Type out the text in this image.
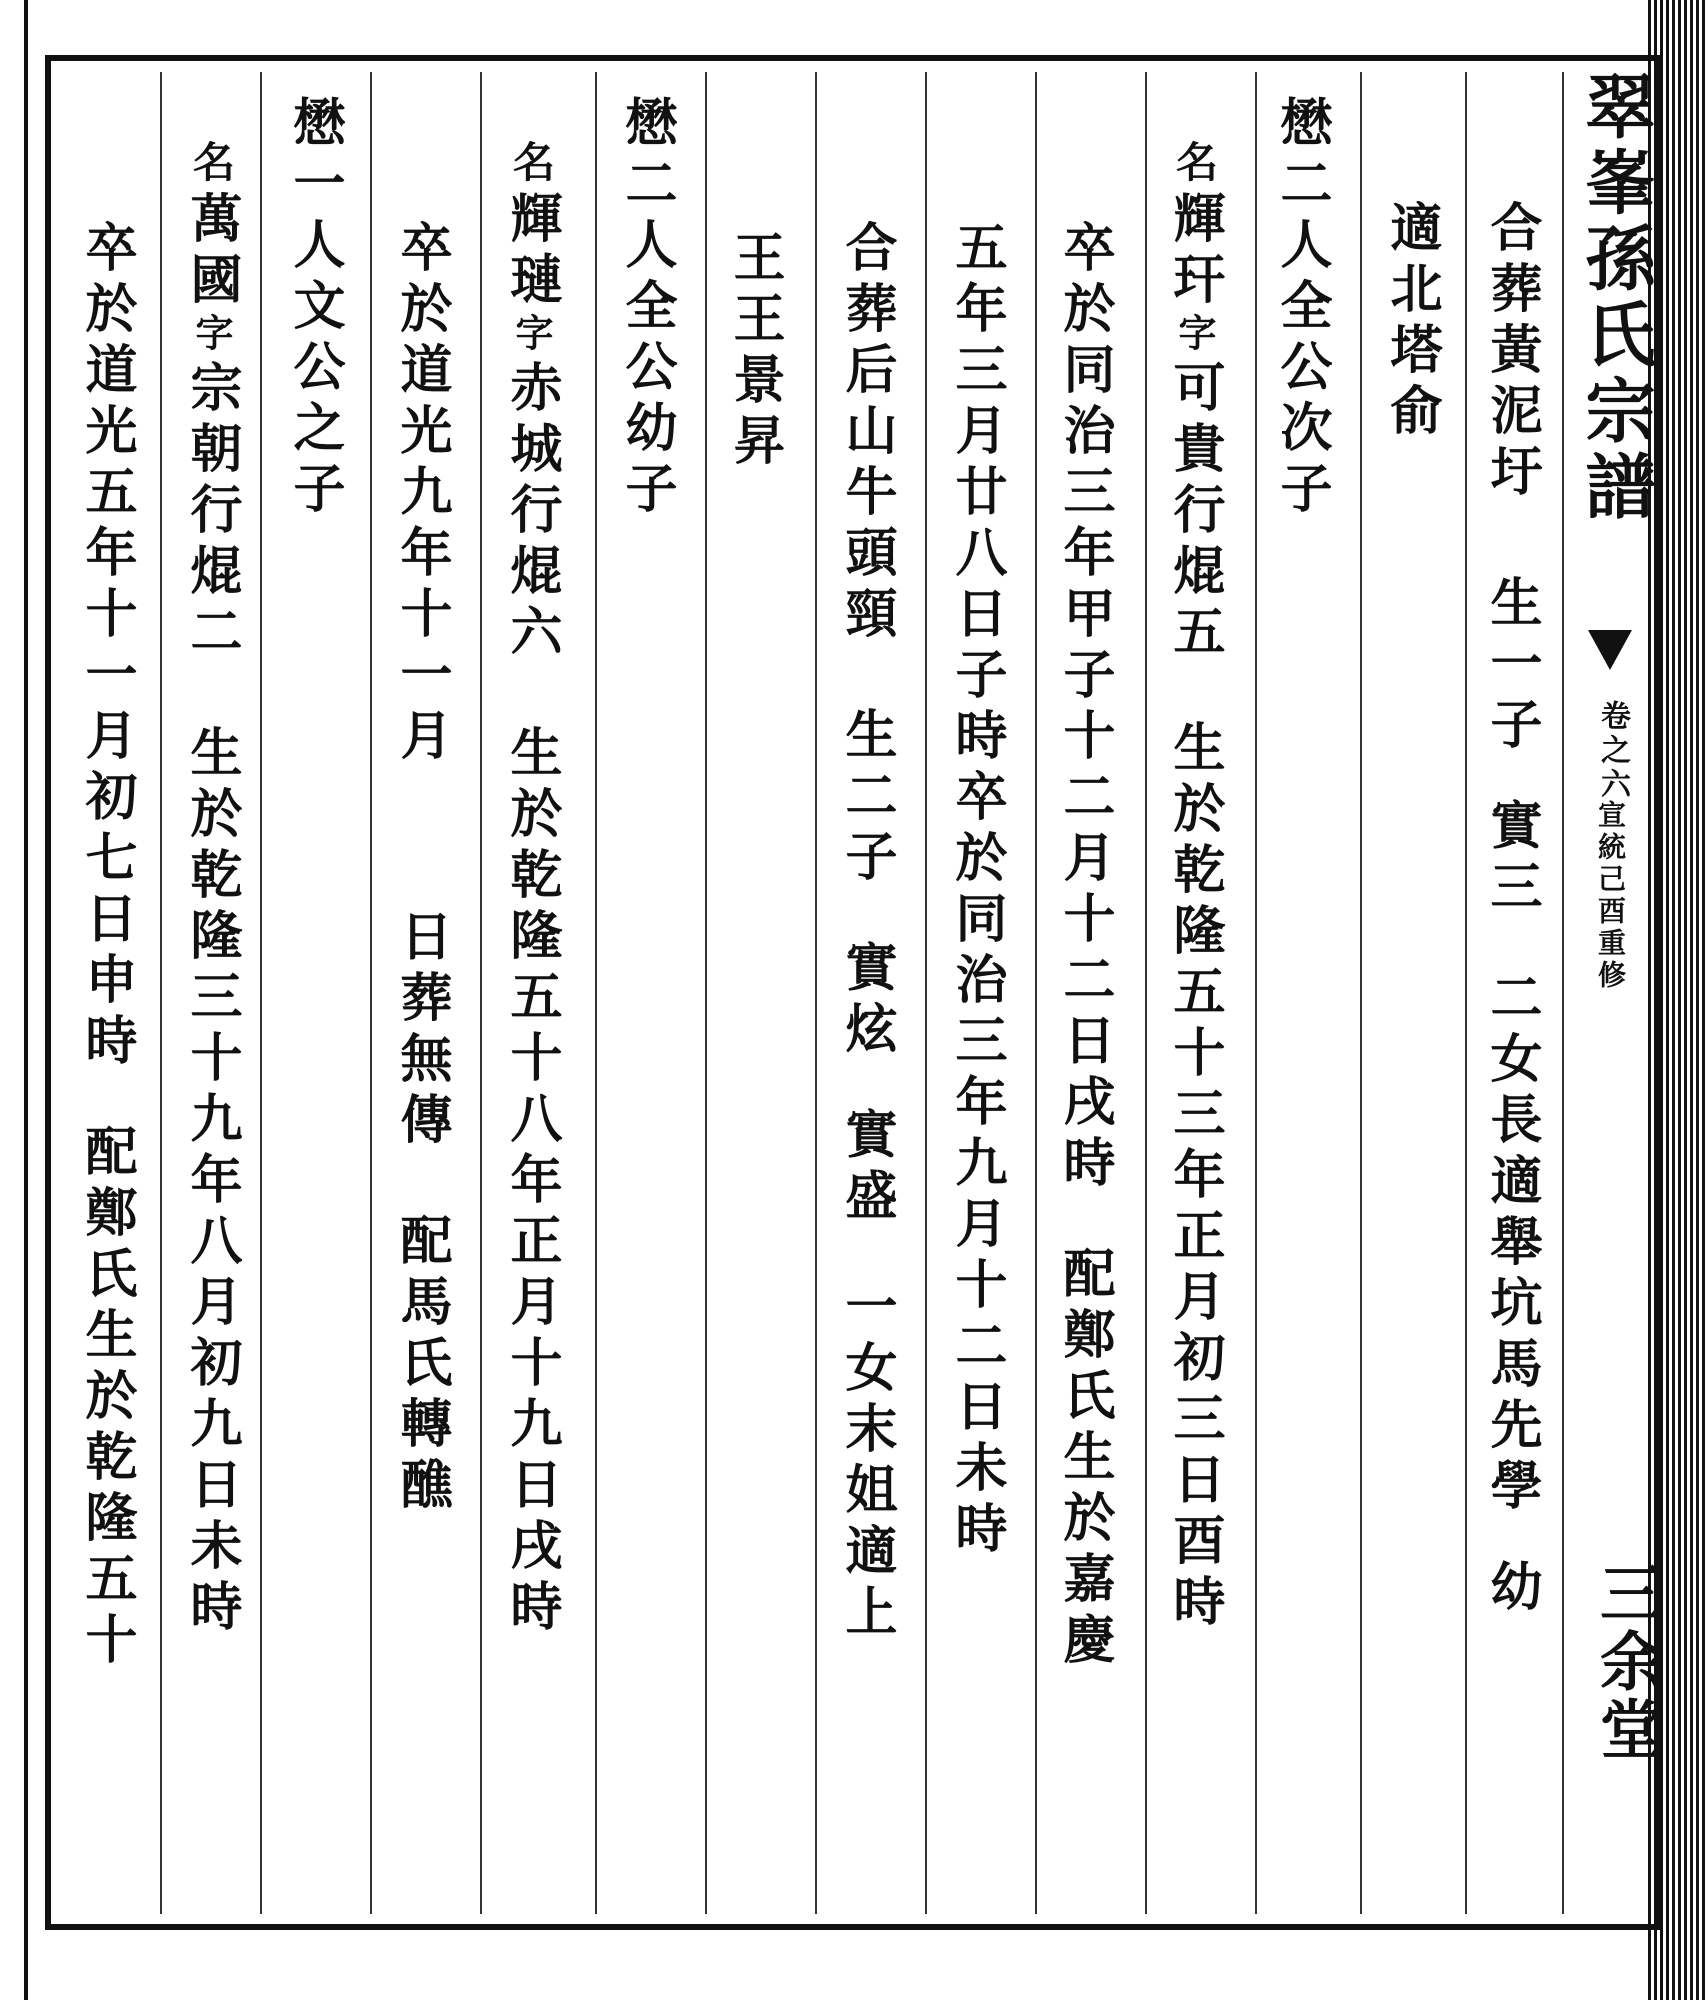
翠峯孫氏宗譜
卷之六
宣統己酉重修
三余堂
合葬黃泥圩生一子實三二女長適舉坑馬先學幼
適北塔俞
懋二人全公次子
名輝玕字可貴行焜五生於乾隆五十三年正月初三日酉時
卒於同治三年甲子十二月十二日戌時配鄭氏生於嘉慶
五年三月廿八日子時卒於同治三年九月十二日未時
合葬后山牛頭頸生二子實炫實盛一女末姐適上
王王景昇
懋二人全公幼子
名輝璉字赤城行焜六生於乾隆五十八年正月十九日戌時
卒於道光九年十一月日葬無傳配馬氏轉醮
懋一人文公之子
名萬國字宗朝行焜二生於乾隆三十九年八月初九日未時
卒於道光五年十一月初七日申時配鄭氏生於乾隆五十
